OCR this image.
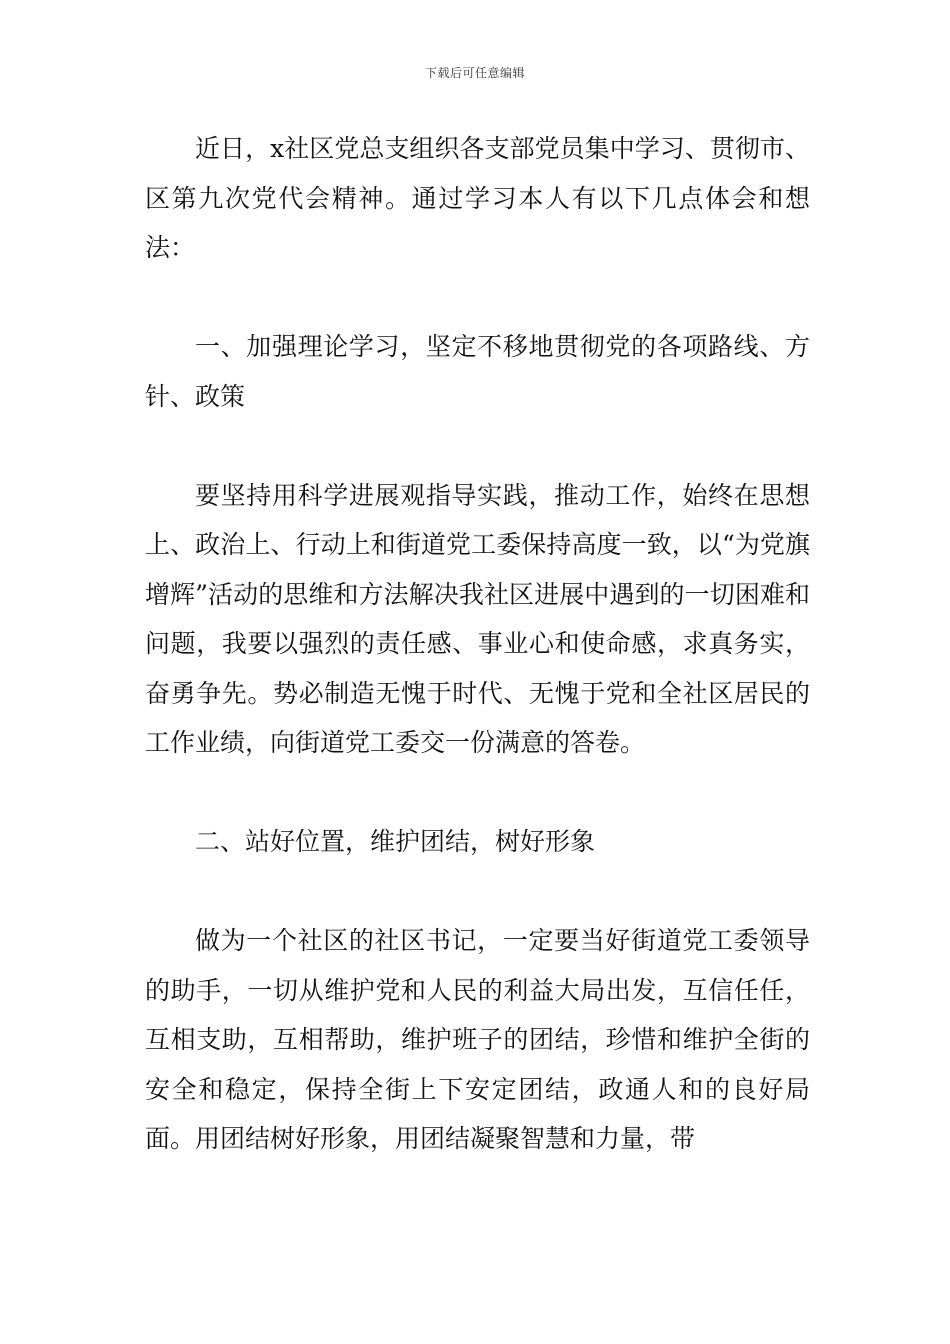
下载后可任意编辑

近日，x社区党总支组织各支部党员集中学习、贯彻市、区第九次党代会精神。通过学习本人有以下几点体会和想法：

一、加强理论学习，坚定不移地贯彻党的各项路线、方针、政策

要坚持用科学进展观指导实践，推动工作，始终在思想上、政治上、行动上和街道党工委保持高度一致，以“为党旗增辉”活动的思维和方法解决我社区进展中遇到的一切困难和问题，我要以强烈的责任感、事业心和使命感，求真务实，奋勇争先。势必制造无愧于时代、无愧于党和全社区居民的工作业绩，向街道党工委交一份满意的答卷。

二、站好位置，维护团结，树好形象

做为一个社区的社区书记，一定要当好街道党工委领导的助手，一切从维护党和人民的利益大局出发，互信任任，互相支助，互相帮助，维护班子的团结，珍惜和维护全街的安全和稳定，保持全街上下安定团结，政通人和的良好局面。用团结树好形象，用团结凝聚智慧和力量，带
